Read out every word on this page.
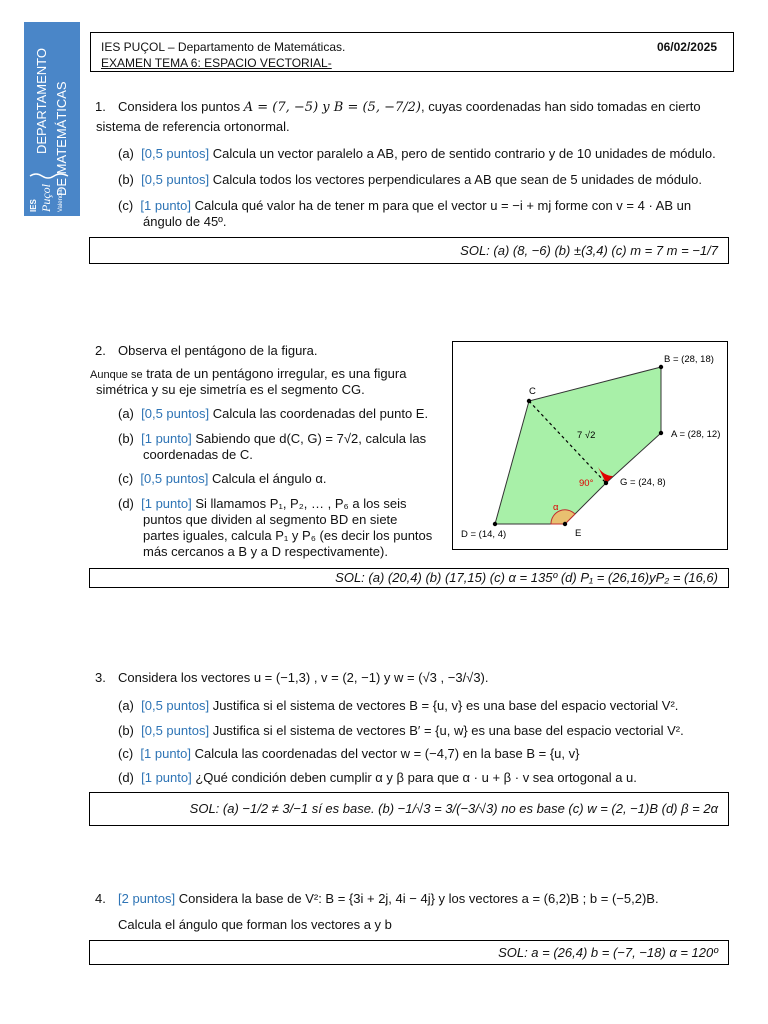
DEPARTAMENTO DE MATEMÁTICAS
IES Puçol Valencia
IES PUÇOL – Departamento de Matemáticas.
EXAMEN TEMA 6: ESPACIO VECTORIAL-
06/02/2025
1. Considera los puntos A = (7, −5) y B = (5, −7/2), cuyas coordenadas han sido tomadas en cierto
sistema de referencia ortonormal.
(a) [0,5 puntos] Calcula un vector paralelo a AB, pero de sentido contrario y de 10 unidades de módulo.
(b) [0,5 puntos] Calcula todos los vectores perpendiculares a AB que sean de 5 unidades de módulo.
(c) [1 punto] Calcula qué valor ha de tener m para que el vector u = −i + mj forme con v = 4 · AB un
ángulo de 45º.
SOL: (a) (8, −6) (b) ±(3,4) (c) m = 7 m = −1/7
2. Observa el pentágono de la figura.
Aunque se trata de un pentágono irregular, es una figura
simétrica y su eje simetría es el segmento CG.
(a) [0,5 puntos] Calcula las coordenadas del punto E.
(b) [1 punto] Sabiendo que d(C, G) = 7√2, calcula las
coordenadas de C.
(c) [0,5 puntos] Calcula el ángulo α.
(d) [1 punto] Si llamamos P₁, P₂, … , P₆ a los seis
puntos que dividen al segmento BD en siete
partes iguales, calcula P₁ y P₆ (es decir los puntos
más cercanos a B y a D respectivamente).
B = (28, 18)
A = (28, 12)
G = (24, 8)
E
D = (14, 4)
C
7 √2
90°
α
SOL: (a) (20,4) (b) (17,15) (c) α = 135º (d) P₁ = (26,16)yP₂ = (16,6)
3. Considera los vectores u = (−1,3) , v = (2, −1) y w = (√3 , −3/√3).
(a) [0,5 puntos] Justifica si el sistema de vectores B = {u, v} es una base del espacio vectorial V².
(b) [0,5 puntos] Justifica si el sistema de vectores B′ = {u, w} es una base del espacio vectorial V².
(c) [1 punto] Calcula las coordenadas del vector w = (−4,7) en la base B = {u, v}
(d) [1 punto] ¿Qué condición deben cumplir α y β para que α · u + β · v sea ortogonal a u.
SOL: (a) −1/2 ≠ 3/−1 sí es base. (b) −1/√3 = 3/(−3/√3) no es base (c) w = (2, −1)B (d) β = 2α
4. [2 puntos] Considera la base de V²: B = {3i + 2j, 4i − 4j} y los vectores a = (6,2)B ; b = (−5,2)B.
Calcula el ángulo que forman los vectores a y b
SOL: a = (26,4) b = (−7, −18) α = 120º
